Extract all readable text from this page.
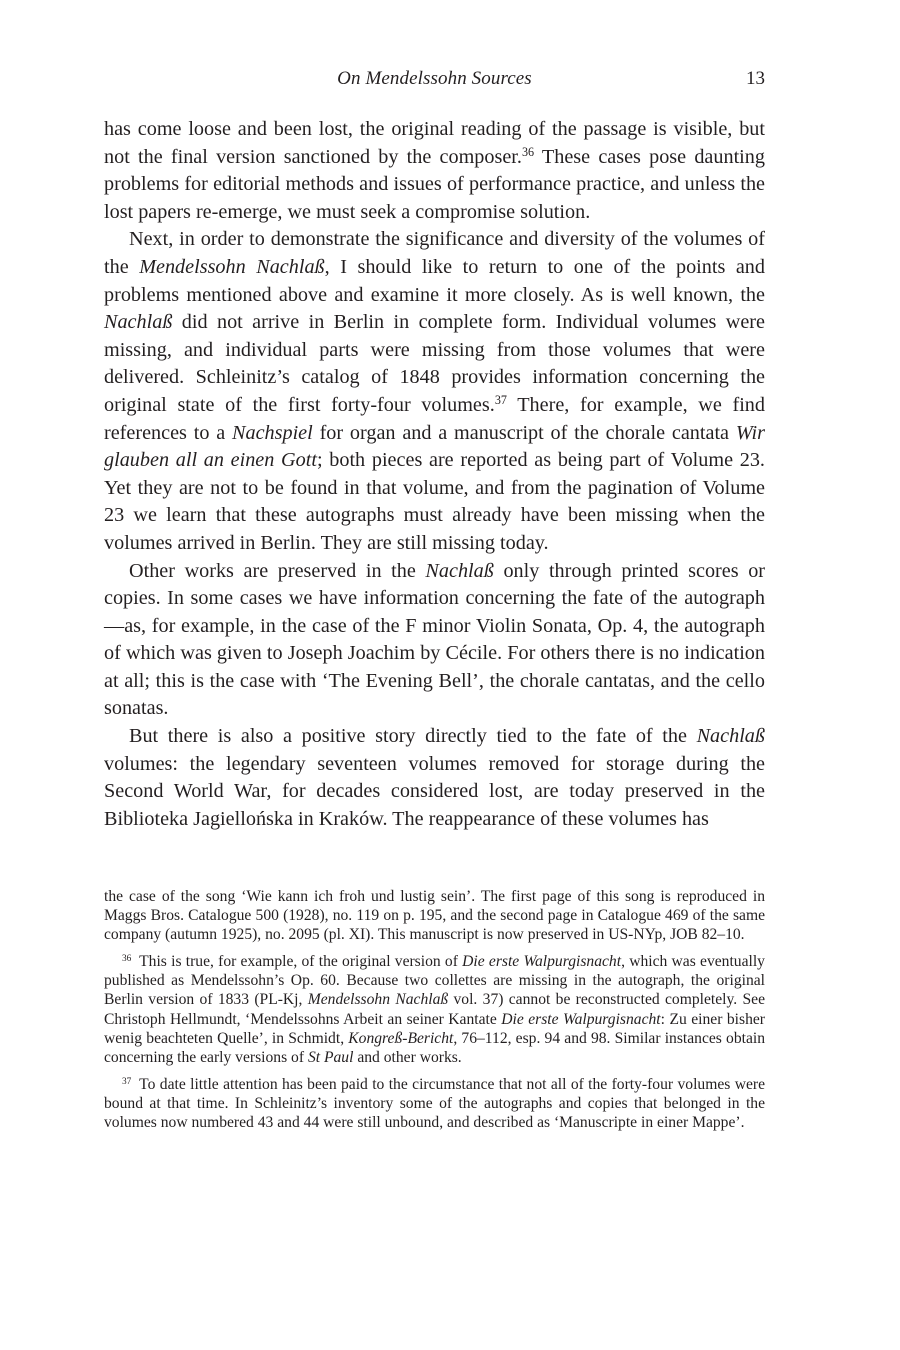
On Mendelssohn Sources	13

has come loose and been lost, the original reading of the passage is visible, but not the final version sanctioned by the composer.$^{36}$ These cases pose daunting problems for editorial methods and issues of performance practice, and unless the lost papers re-emerge, we must seek a compromise solution.

Next, in order to demonstrate the significance and diversity of the volumes of the Mendelssohn Nachlaß, I should like to return to one of the points and problems mentioned above and examine it more closely. As is well known, the Nachlaß did not arrive in Berlin in complete form. Individual volumes were missing, and individual parts were missing from those volumes that were delivered. Schleinitz’s catalog of 1848 provides information concerning the original state of the first forty-four volumes.$^{37}$ There, for example, we find references to a Nachspiel for organ and a manuscript of the chorale cantata Wir glauben all an einen Gott; both pieces are reported as being part of Volume 23. Yet they are not to be found in that volume, and from the pagination of Volume 23 we learn that these autographs must already have been missing when the volumes arrived in Berlin. They are still missing today.

Other works are preserved in the Nachlaß only through printed scores or copies. In some cases we have information concerning the fate of the autograph—as, for example, in the case of the F minor Violin Sonata, Op. 4, the autograph of which was given to Joseph Joachim by Cécile. For others there is no indication at all; this is the case with ‘The Evening Bell’, the chorale cantatas, and the cello sonatas.

But there is also a positive story directly tied to the fate of the Nachlaß volumes: the legendary seventeen volumes removed for storage during the Second World War, for decades considered lost, are today preserved in the Biblioteka Jagiellońska in Kraków. The reappearance of these volumes has

the case of the song ‘Wie kann ich froh und lustig sein’. The first page of this song is reproduced in Maggs Bros. Catalogue 500 (1928), no. 119 on p. 195, and the second page in Catalogue 469 of the same company (autumn 1925), no. 2095 (pl. XI). This manuscript is now preserved in US-NYp, JOB 82–10.

$^{36}$  This is true, for example, of the original version of Die erste Walpurgisnacht, which was eventually published as Mendelssohn’s Op. 60. Because two collettes are missing in the autograph, the original Berlin version of 1833 (PL-Kj, Mendelssohn Nachlaß vol. 37) cannot be reconstructed completely. See Christoph Hellmundt, ‘Mendelssohns Arbeit an seiner Kantate Die erste Walpurgisnacht: Zu einer bisher wenig beachteten Quelle’, in Schmidt, Kongreß-Bericht, 76–112, esp. 94 and 98. Similar instances obtain concerning the early versions of St Paul and other works.

$^{37}$  To date little attention has been paid to the circumstance that not all of the forty-four volumes were bound at that time. In Schleinitz’s inventory some of the autographs and copies that belonged in the volumes now numbered 43 and 44 were still unbound, and described as ‘Manuscripte in einer Mappe’.
